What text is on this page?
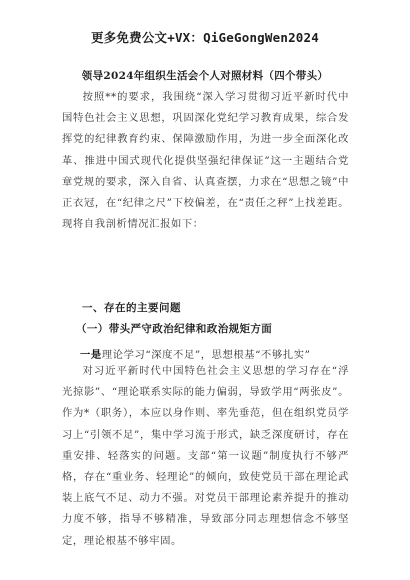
更多免费公文+VX：QiGeGongWen2024
领导2024年组织生活会个人对照材料（四个带头）
按照**的要求，我围绕“深入学习贯彻习近平新时代中国特色社会主义思想，巩固深化党纪学习教育成果，综合发挥党的纪律教育约束、保障激励作用，为进一步全面深化改革、推进中国式现代化提供坚强纪律保证”这一主题结合党章党规的要求，深入自省、认真查摆，力求在“思想之镜”中正衣冠，在“纪律之尺”下校偏差，在“责任之秤”上找差距。现将自我剖析情况汇报如下：
一、存在的主要问题
（一）带头严守政治纪律和政治规矩方面
一是理论学习“深度不足”，思想根基“不够扎实”
对习近平新时代中国特色社会主义思想的学习存在“浮光掠影”、“理论联系实际的能力偏弱，导致学用“两张皮”。作为*（职务），本应以身作则、率先垂范，但在组织党员学习上“引领不足”，集中学习流于形式，缺乏深度研讨，存在重安排、轻落实的问题。支部“第一议题”制度执行不够严格，存在“重业务、轻理论”的倾向，致使党员干部在理论武装上底气不足、动力不强。对党员干部理论素养提升的推动力度不够，指导不够精准，导致部分同志理想信念不够坚定，理论根基不够牢固。
